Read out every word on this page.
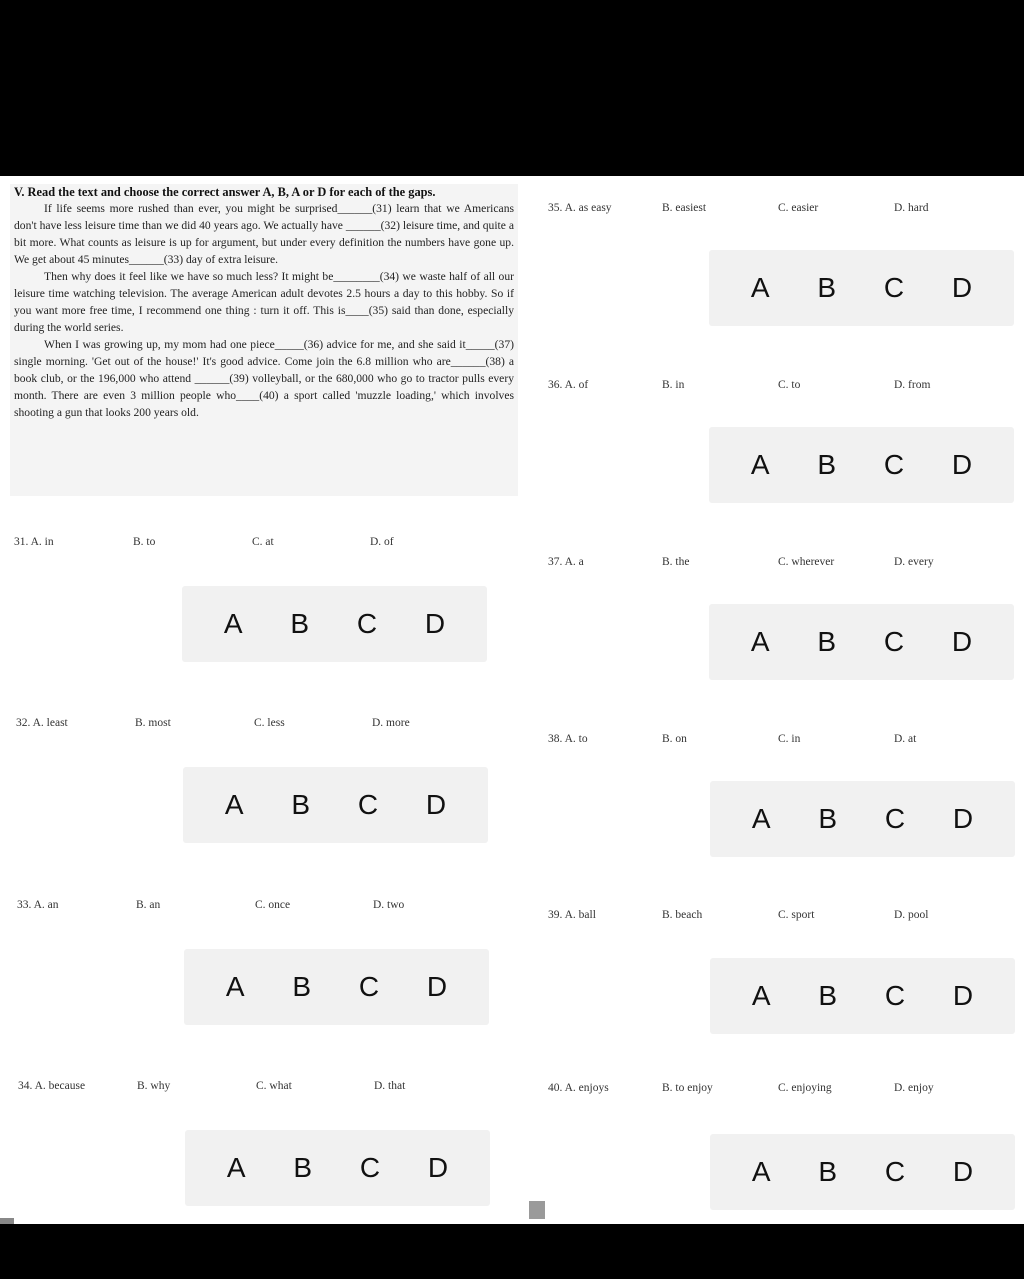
V. Read the text and choose the correct answer A, B, A or D for each of the gaps.

If life seems more rushed than ever, you might be surprised______(31) learn that we Americans don't have less leisure time than we did 40 years ago. We actually have ______(32) leisure time, and quite a bit more. What counts as leisure is up for argument, but under every definition the numbers have gone up. We get about 45 minutes______(33) day of extra leisure.

Then why does it feel like we have so much less? It might be________(34) we waste half of all our leisure time watching television. The average American adult devotes 2.5 hours a day to this hobby. So if you want more free time, I recommend one thing : turn it off. This is____(35) said than done, especially during the world series.

When I was growing up, my mom had one piece_____(36) advice for me, and she said it_____(37) single morning. 'Get out of the house!' It's good advice. Come join the 6.8 million who are______(38) a book club, or the 196,000 who attend ______(39) volleyball, or the 680,000 who go to tractor pulls every month. There are even 3 million people who____(40) a sport called 'muzzle loading,' which involves shooting a gun that looks 200 years old.

31. A. in	B. to	C. at	D. of
A B C D
32. A. least	B. most	C. less	D. more
A B C D
33. A. an	B. an	C. once	D. two
A B C D
34. A. because	B. why	C. what	D. that
A B C D
35. A. as easy	B. easiest	C. easier	D. hard
A B C D
36. A. of	B. in	C. to	D. from
A B C D
37. A. a	B. the	C. wherever	D. every
A B C D
38. A. to	B. on	C. in	D. at
A B C D
39. A. ball	B. beach	C. sport	D. pool
A B C D
40. A. enjoys	B. to enjoy	C. enjoying	D. enjoy
A B C D
